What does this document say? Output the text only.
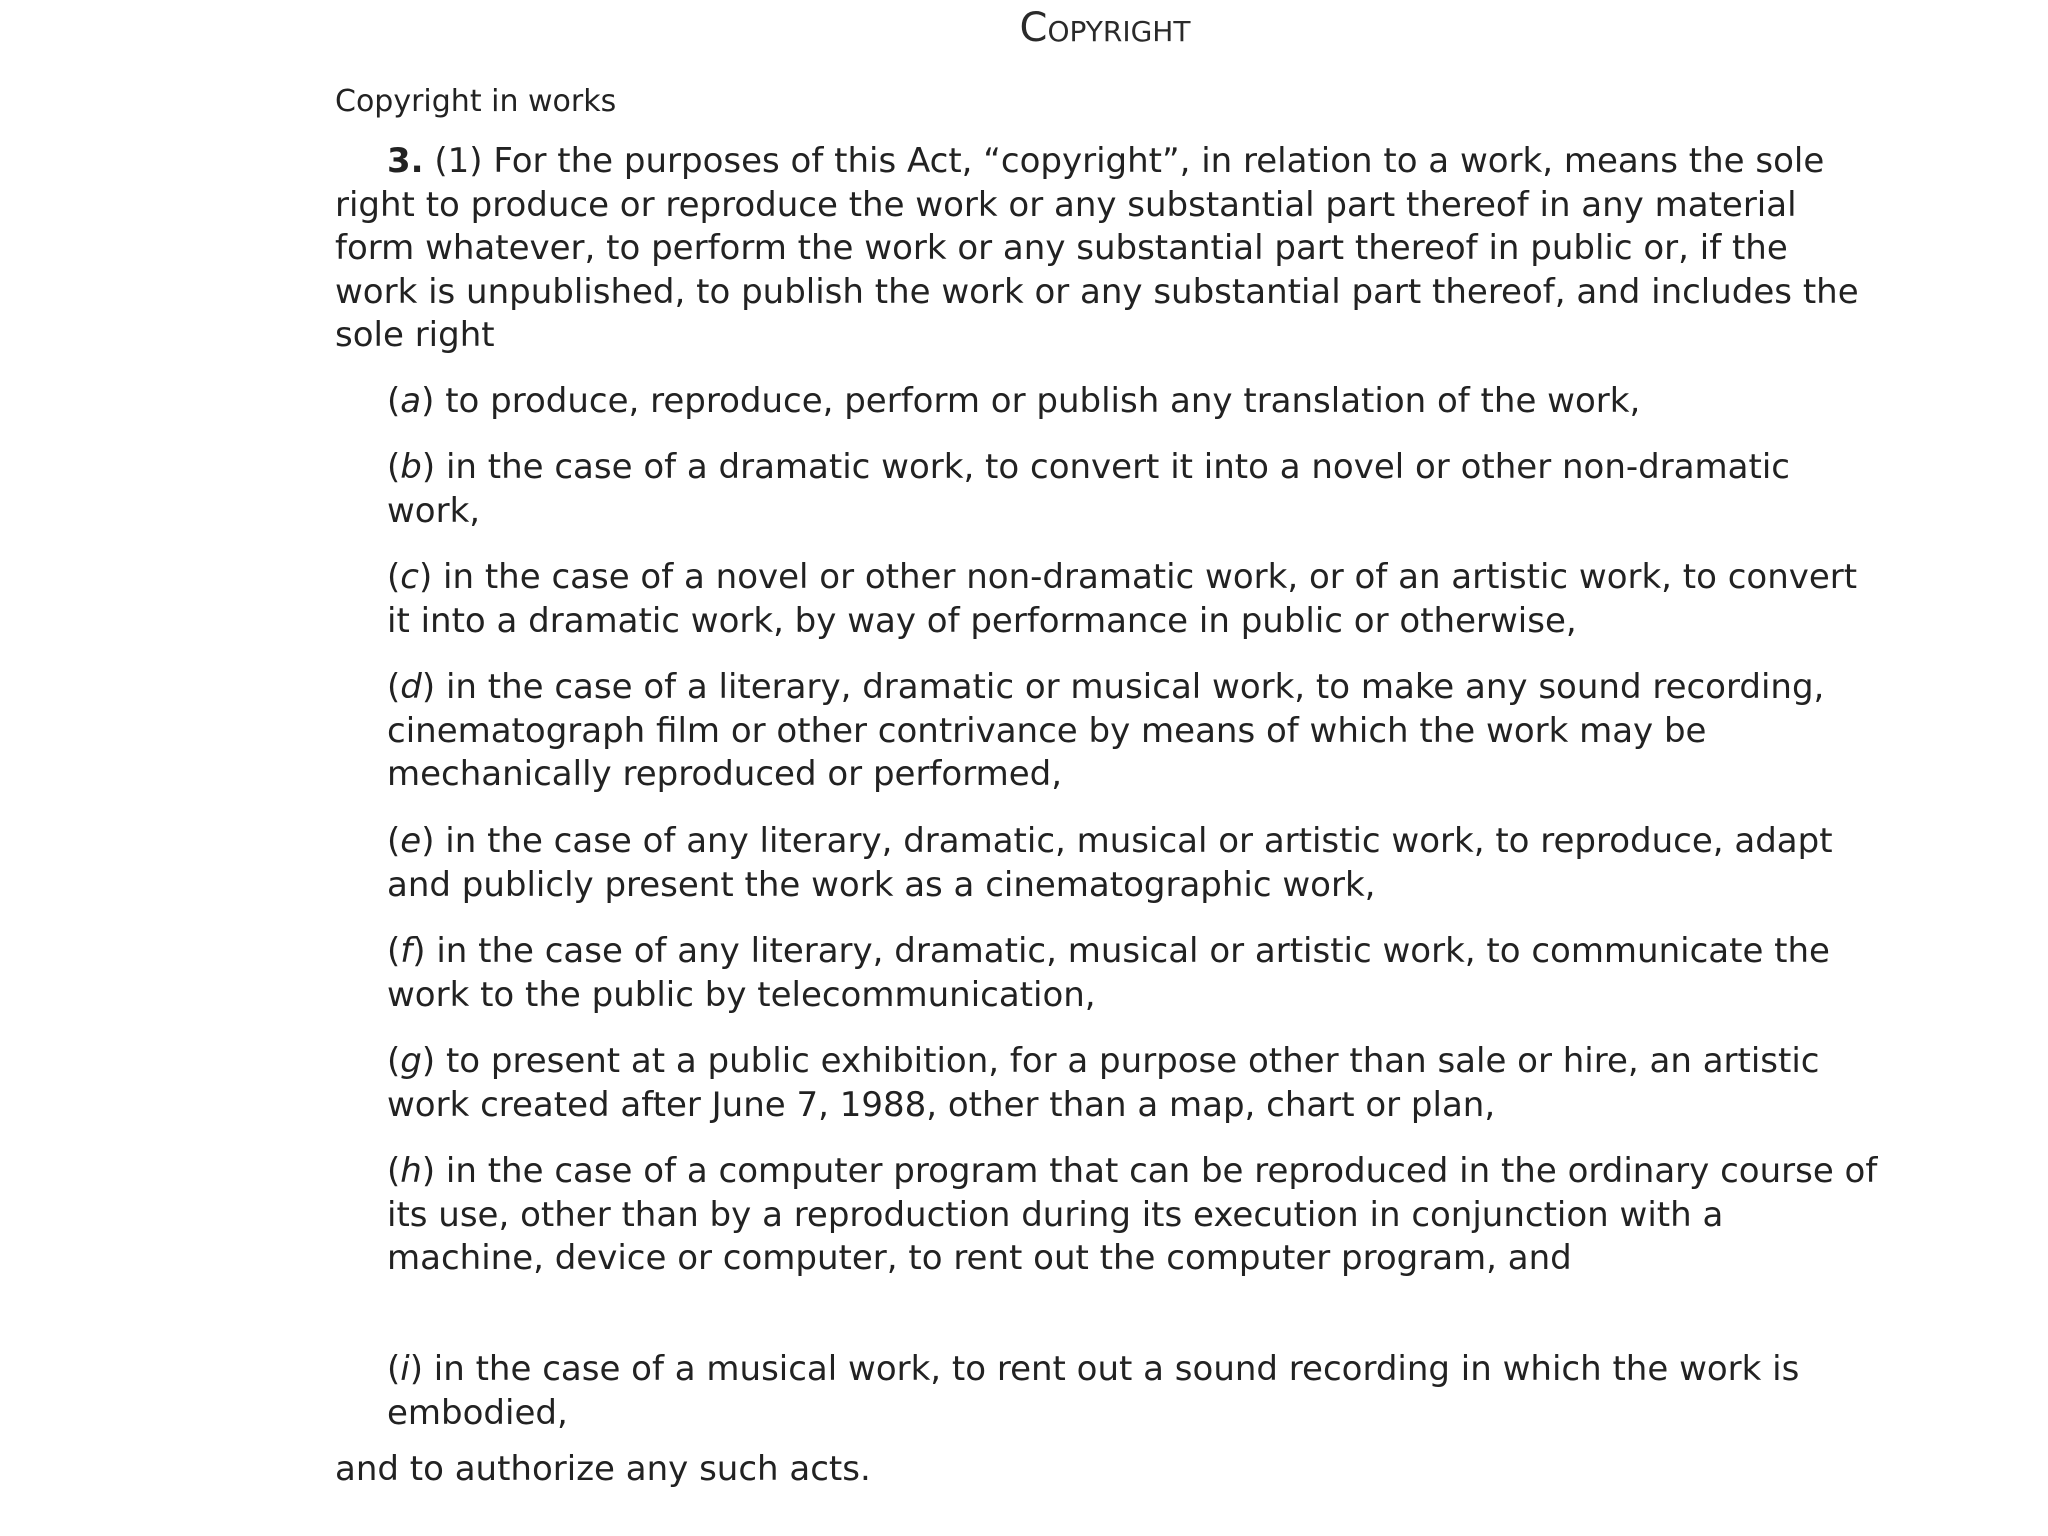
Copyright
Copyright in works
3. (1) For the purposes of this Act, “copyright”, in relation to a work, means the sole right to produce or reproduce the work or any substantial part thereof in any material form whatever, to perform the work or any substantial part thereof in public or, if the work is unpublished, to publish the work or any substantial part thereof, and includes the sole right
(a) to produce, reproduce, perform or publish any translation of the work,
(b) in the case of a dramatic work, to convert it into a novel or other non-dramatic work,
(c) in the case of a novel or other non-dramatic work, or of an artistic work, to convert it into a dramatic work, by way of performance in public or otherwise,
(d) in the case of a literary, dramatic or musical work, to make any sound recording, cinematograph film or other contrivance by means of which the work may be mechanically reproduced or performed,
(e) in the case of any literary, dramatic, musical or artistic work, to reproduce, adapt and publicly present the work as a cinematographic work,
(f) in the case of any literary, dramatic, musical or artistic work, to communicate the work to the public by telecommunication,
(g) to present at a public exhibition, for a purpose other than sale or hire, an artistic work created after June 7, 1988, other than a map, chart or plan,
(h) in the case of a computer program that can be reproduced in the ordinary course of its use, other than by a reproduction during its execution in conjunction with a machine, device or computer, to rent out the computer program, and
(i) in the case of a musical work, to rent out a sound recording in which the work is embodied,
and to authorize any such acts.
